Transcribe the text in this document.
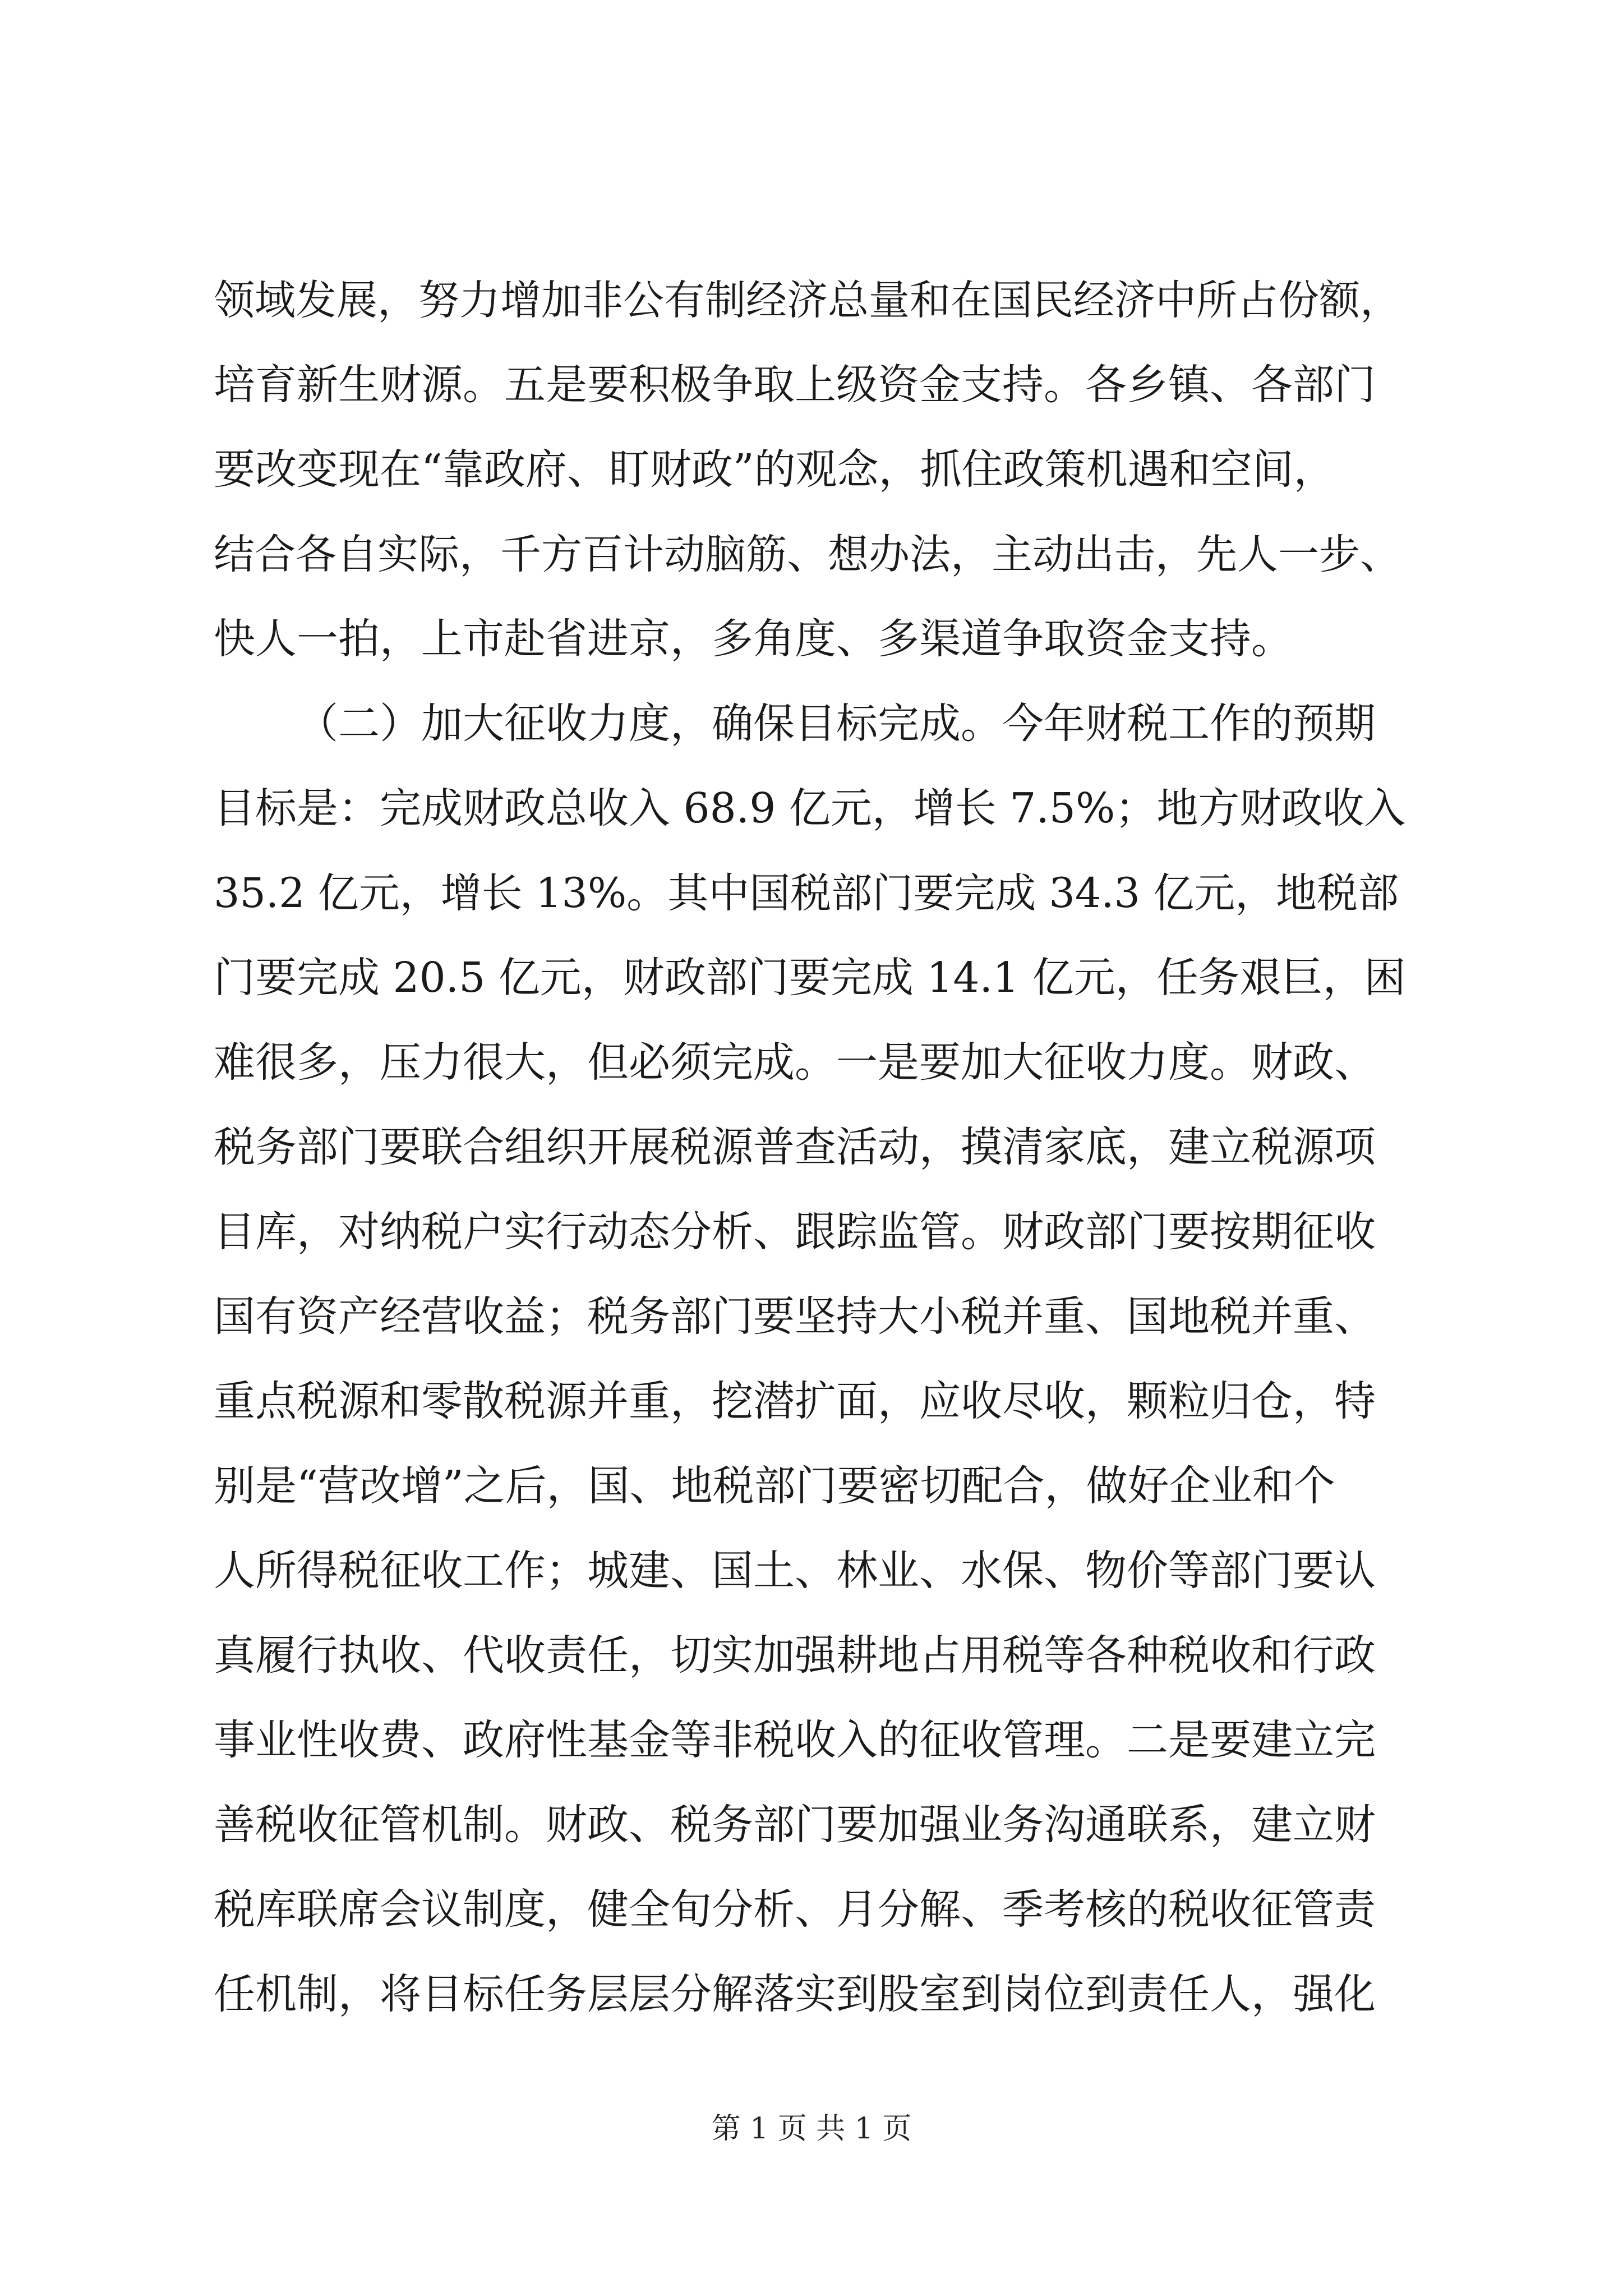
领域发展，努力增加非公有制经济总量和在国民经济中所占份额，
培育新生财源。五是要积极争取上级资金支持。各乡镇、各部门
要改变现在“靠政府、盯财政”的观念，抓住政策机遇和空间，
结合各自实际，千方百计动脑筋、想办法，主动出击，先人一步、
快人一拍，上市赴省进京，多角度、多渠道争取资金支持。
（二）加大征收力度，确保目标完成。今年财税工作的预期
目标是：完成财政总收入 68.9 亿元，增长 7.5%；地方财政收入
35.2 亿元，增长 13%。其中国税部门要完成 34.3 亿元，地税部
门要完成 20.5 亿元，财政部门要完成 14.1 亿元，任务艰巨，困
难很多，压力很大，但必须完成。一是要加大征收力度。财政、
税务部门要联合组织开展税源普查活动，摸清家底，建立税源项
目库，对纳税户实行动态分析、跟踪监管。财政部门要按期征收
国有资产经营收益；税务部门要坚持大小税并重、国地税并重、
重点税源和零散税源并重，挖潜扩面，应收尽收，颗粒归仓，特
别是“营改增”之后，国、地税部门要密切配合，做好企业和个
人所得税征收工作；城建、国土、林业、水保、物价等部门要认
真履行执收、代收责任，切实加强耕地占用税等各种税收和行政
事业性收费、政府性基金等非税收入的征收管理。二是要建立完
善税收征管机制。财政、税务部门要加强业务沟通联系，建立财
税库联席会议制度，健全旬分析、月分解、季考核的税收征管责
任机制，将目标任务层层分解落实到股室到岗位到责任人，强化
第 1 页 共 1 页
